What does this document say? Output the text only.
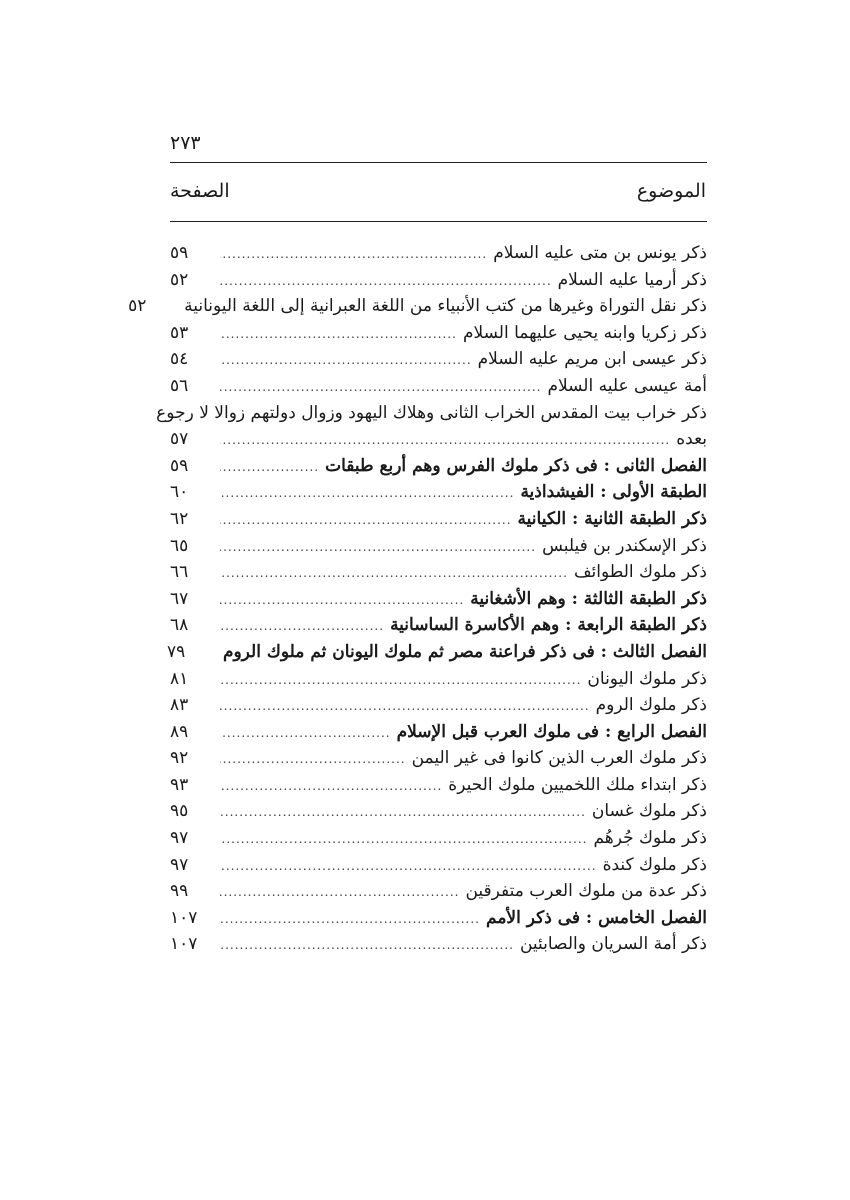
٢٧٣
الموضوع
الصفحة
ذكر يونس بن متى عليه السلام
.....
٥٩
ذكر أرميا عليه السلام
.....
٥٢
ذكر نقل التوراة وغيرها من كتب الأنبياء من اللغة العبرانية إلى اللغة اليونانية
٥٢
ذكر زكريا وابنه يحيى عليهما السلام
.....
٥٣
ذكر عيسى ابن مريم عليه السلام
.....
٥٤
أمة عيسى عليه السلام
.....
٥٦
ذكر خراب بيت المقدس الخراب الثانى وهلاك اليهود وزوال دولتهم زوالا لا رجوع
بعده
.....
٥٧
الفصل الثانى : فى ذكر ملوك الفرس وهم أربع طبقات
.....
٥٩
الطبقة الأولى : الفيشداذية
.....
٦٠
ذكر الطبقة الثانية : الكيانية
.....
٦٢
ذكر الإسكندر بن فيلبس
.....
٦٥
ذكر ملوك الطوائف
.....
٦٦
ذكر الطبقة الثالثة : وهم الأشغانية
.....
٦٧
ذكر الطبقة الرابعة : وهم الأكاسرة الساسانية
.....
٦٨
الفصل الثالث : فى ذكر فراعنة مصر ثم ملوك اليونان ثم ملوك الروم
٧٩
ذكر ملوك اليونان
.....
٨١
ذكر ملوك الروم
.....
٨٣
الفصل الرابع : فى ملوك العرب قبل الإسلام
.....
٨٩
ذكر ملوك العرب الذين كانوا فى غير اليمن
.....
٩٢
ذكر ابتداء ملك اللخميين ملوك الحيرة
.....
٩٣
ذكر ملوك غسان
.....
٩٥
ذكر ملوك جُرهُم
.....
٩٧
ذكر ملوك كندة
.....
٩٧
ذكر عدة من ملوك العرب متفرقين
.....
٩٩
الفصل الخامس : فى ذكر الأمم
.....
١٠٧
ذكر أمة السريان والصابئين
.....
١٠٧
